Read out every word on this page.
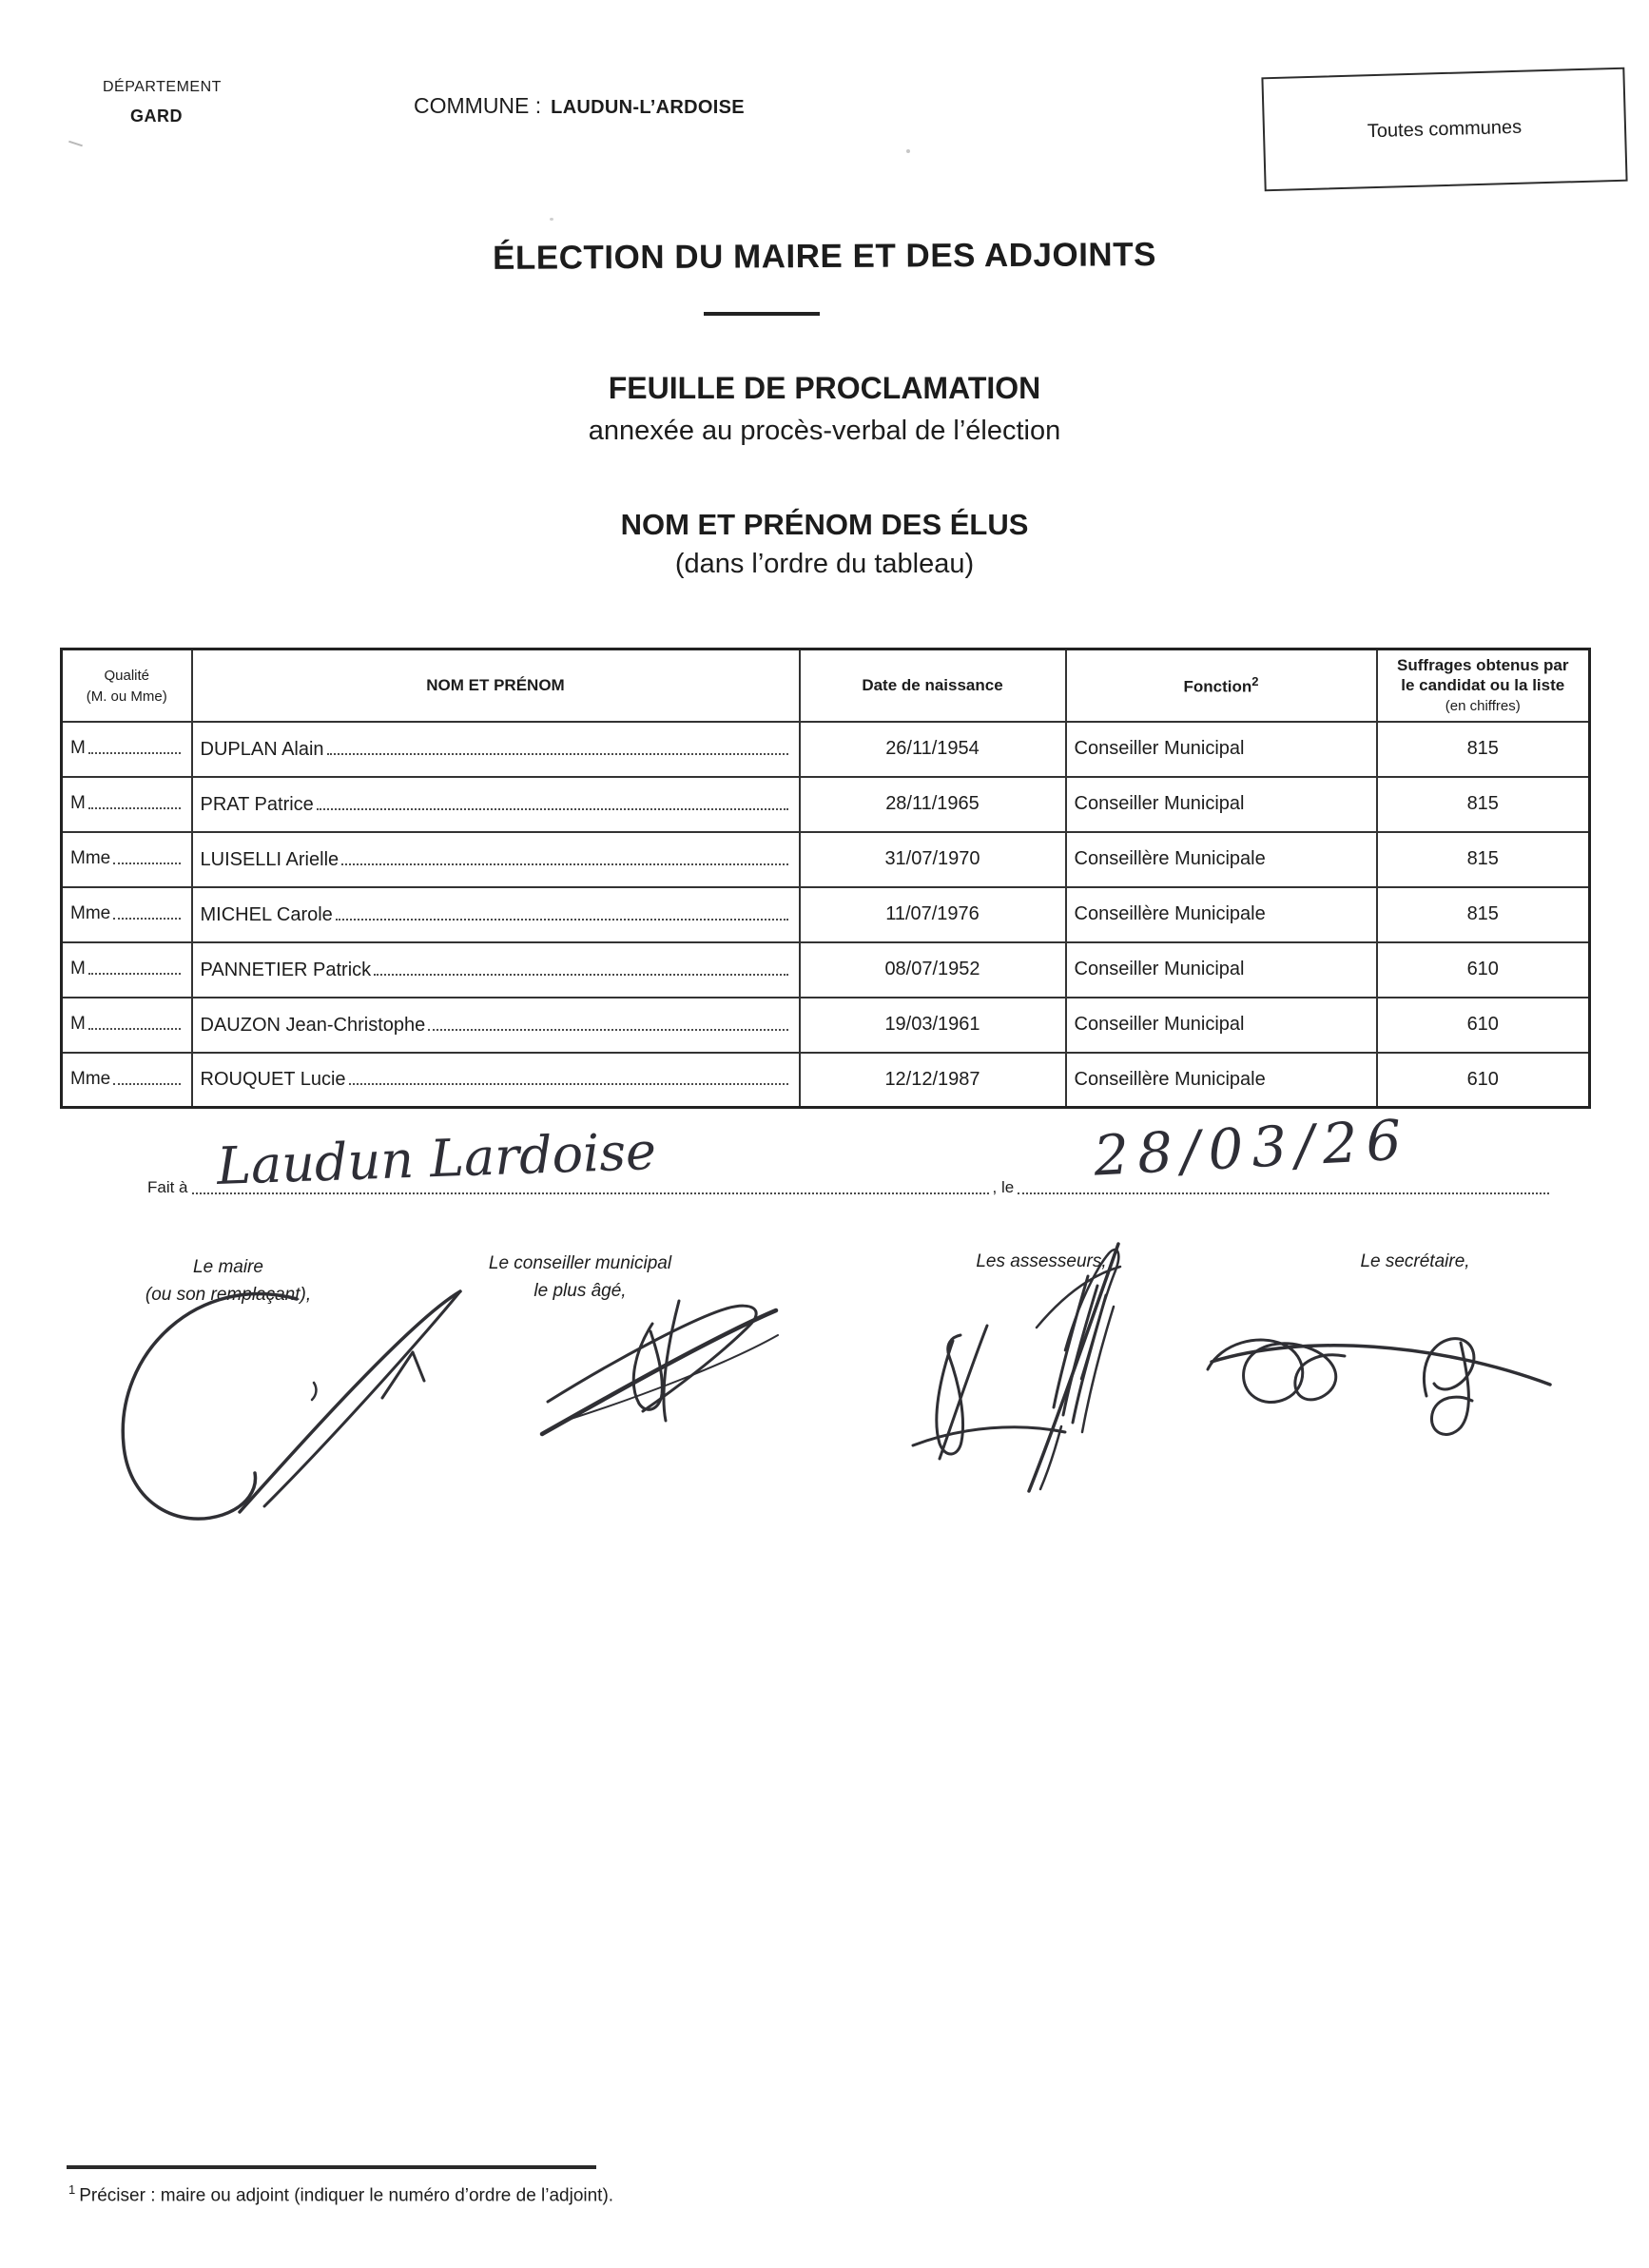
DÉPARTEMENT
GARD	COMMUNE : LAUDUN-L’ARDOISE
Toutes communes
ÉLECTION DU MAIRE ET DES ADJOINTS
FEUILLE DE PROCLAMATION
annexée au procès-verbal de l’élection
NOM ET PRÉNOM DES ÉLUS
(dans l’ordre du tableau)
Qualité
(M. ou Mme)	NOM ET PRÉNOM	Date de naissance	Fonction$^2$	Suffrages obtenus par
le candidat ou la liste
(en chiffres)

M	DUPLAN Alain	26/11/1954	Conseiller Municipal	815

M	PRAT Patrice	28/11/1965	Conseiller Municipal	815

Mme	LUISELLI Arielle	31/07/1970	Conseillère Municipale	815

Mme	MICHEL Carole	11/07/1976	Conseillère Municipale	815

M	PANNETIER Patrick	08/07/1952	Conseiller Municipal	610

M	DAUZON Jean-Christophe	19/03/1961	Conseiller Municipal	610

Mme	ROUQUET Lucie	12/12/1987	Conseillère Municipale	610
Fait à	, le
Laudun Lardoise	28/03/26
Le maire
(ou son remplaçant),
Le conseiller municipal
le plus âgé,
Les assesseurs,	Le secrétaire,
$^1$ Préciser : maire ou adjoint (indiquer le numéro d’ordre de l’adjoint).
